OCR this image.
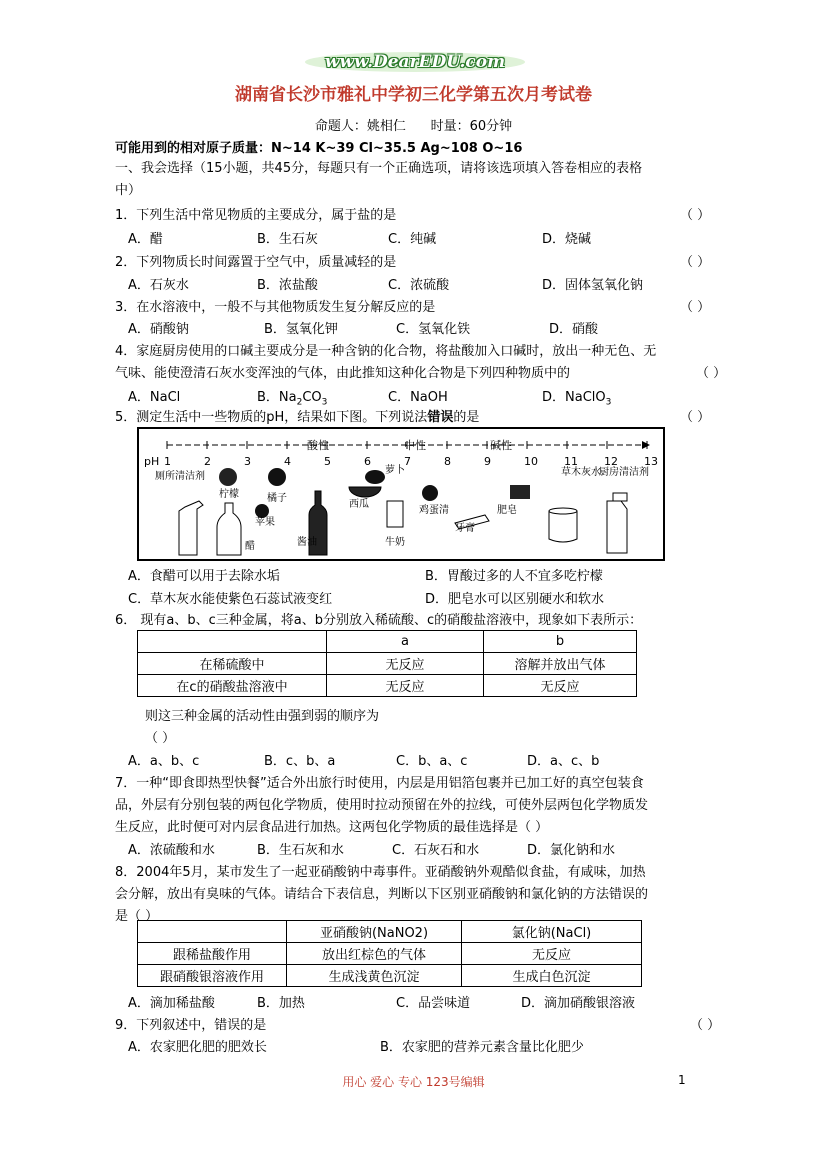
www.DearEDU.com
湖南省长沙市雅礼中学初三化学第五次月考试卷
命题人：姚相仁 时量：60分钟
可能用到的相对原子质量：N~14 K~39 Cl~35.5 Ag~108 O~16
一、我会选择（15小题，共45分，每题只有一个正确选项，请将该选项填入答卷相应的表格
中）
1．下列生活中常见物质的主要成分，属于盐的是	（ ）
A．醋	B．生石灰	C．纯碱	D．烧碱
2．下列物质长时间露置于空气中，质量减轻的是	（ ）
A．石灰水	B．浓盐酸	C．浓硫酸	D．固体氢氧化钠
3．在水溶液中，一般不与其他物质发生复分解反应的是	（ ）
A．硝酸钠	B．氢氧化钾	C．氢氧化铁	D．硝酸
4．家庭厨房使用的口碱主要成分是一种含钠的化合物，将盐酸加入口碱时，放出一种无色、无
气味、能使澄清石灰水变浑浊的气体，由此推知这种化合物是下列四种物质中的	（ ）
A．NaCl	B．$Na_2CO_3$	C．NaOH	D．NaClO$_3$
5．测定生活中一些物质的pH，结果如下图。下列说法错误的是	（ ）
酸性	中性	碱性
pH 1	2	3	4	5	6	7	8	9	10 11 12 13
厕所清洁剂
柠檬
醋
橘子
苹果
酱油
西瓜
萝卜
牛奶
鸡蛋清
牙膏
肥皂
草木灰水
厨房清洁剂
A．食醋可以用于去除水垢	B．胃酸过多的人不宜多吃柠檬
C．草木灰水能使紫色石蕊试液变红	D．肥皂水可以区别硬水和软水
6． 现有a、b、c三种金属，将a、b分别放入稀硫酸、c的硝酸盐溶液中，现象如下表所示：
	a	b
在稀硫酸中	无反应	溶解并放出气体
在c的硝酸盐溶液中	无反应	无反应
则这三种金属的活动性由强到弱的顺序为
（ ）
A．a、b、c	B．c、b、a	C．b、a、c	D．a、c、b
7．一种“即食即热型快餐”适合外出旅行时使用，内层是用铝箔包裹并已加工好的真空包装食
品，外层有分别包装的两包化学物质，使用时拉动预留在外的拉线，可使外层两包化学物质发
生反应，此时便可对内层食品进行加热。这两包化学物质的最佳选择是（ ）
A．浓硫酸和水	B．生石灰和水	C．石灰石和水	D．氯化钠和水
8．2004年5月，某市发生了一起亚硝酸钠中毒事件。亚硝酸钠外观酷似食盐，有咸味，加热
会分解，放出有臭味的气体。请结合下表信息，判断以下区别亚硝酸钠和氯化钠的方法错误的
是（ ）
	亚硝酸钠(NaNO2)	氯化钠(NaCl)
跟稀盐酸作用	放出红棕色的气体	无反应
跟硝酸银溶液作用	生成浅黄色沉淀	生成白色沉淀
A．滴加稀盐酸	B．加热	C．品尝味道	D．滴加硝酸银溶液
9．下列叙述中，错误的是	（ ）
A．农家肥化肥的肥效长	B．农家肥的营养元素含量比化肥少
用心 爱心 专心 123号编辑	1
